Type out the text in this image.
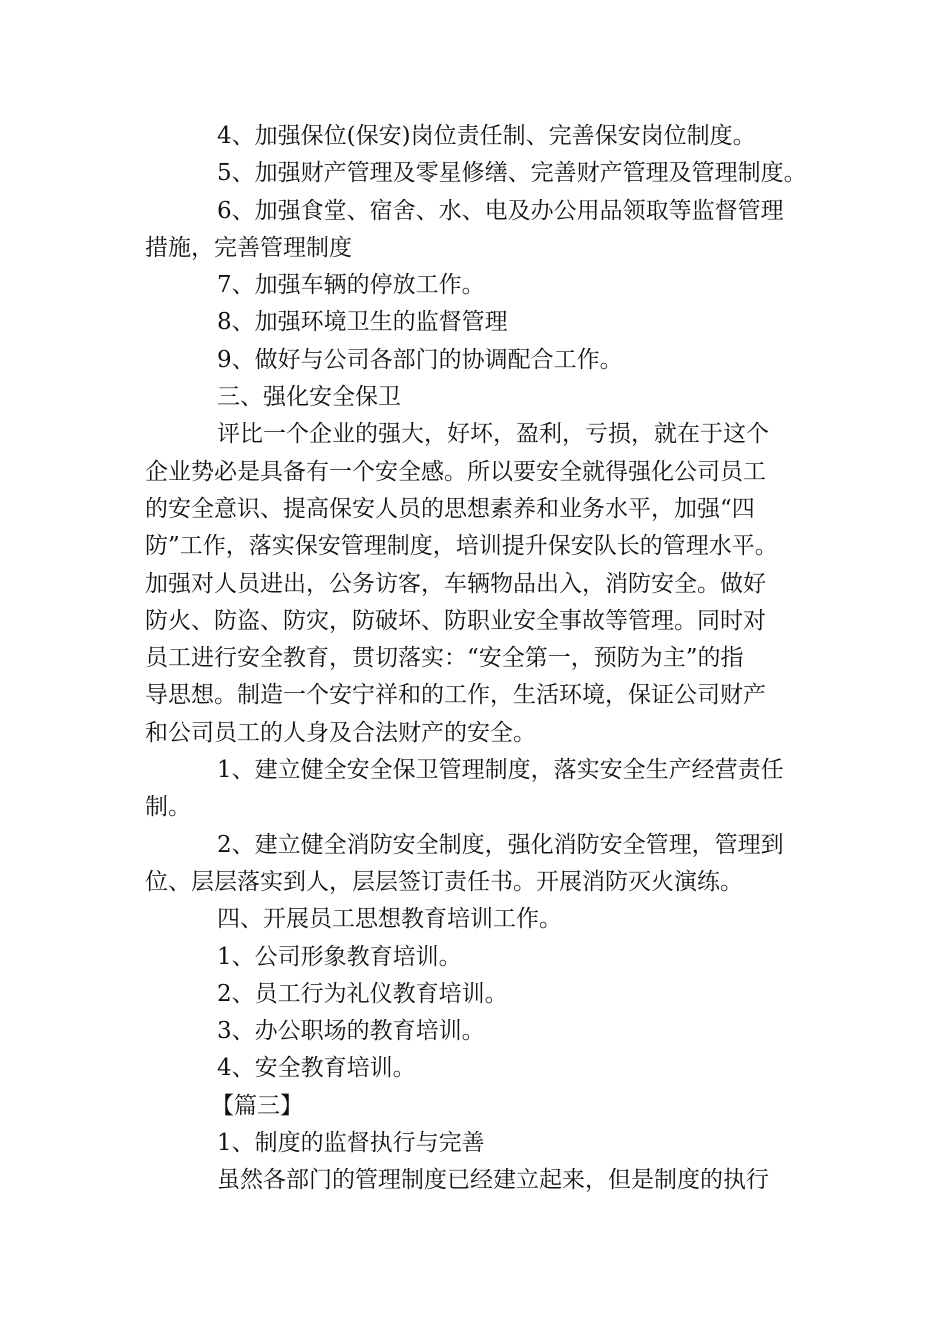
4、加强保位(保安)岗位责任制、完善保安岗位制度。
5、加强财产管理及零星修缮、完善财产管理及管理制度。
6、加强食堂、宿舍、水、电及办公用品领取等监督管理
措施，完善管理制度
7、加强车辆的停放工作。
8、加强环境卫生的监督管理
9、做好与公司各部门的协调配合工作。
三、强化安全保卫
评比一个企业的强大，好坏，盈利，亏损，就在于这个
企业势必是具备有一个安全感。所以要安全就得强化公司员工
的安全意识、提高保安人员的思想素养和业务水平，加强“四
防”工作，落实保安管理制度，培训提升保安队长的管理水平。
加强对人员进出，公务访客，车辆物品出入，消防安全。做好
防火、防盗、防灾，防破坏、防职业安全事故等管理。同时对
员工进行安全教育，贯切落实：“安全第一，预防为主”的指
导思想。制造一个安宁祥和的工作，生活环境，保证公司财产
和公司员工的人身及合法财产的安全。
1、建立健全安全保卫管理制度，落实安全生产经营责任
制。
2、建立健全消防安全制度，强化消防安全管理，管理到
位、层层落实到人，层层签订责任书。开展消防灭火演练。
四、开展员工思想教育培训工作。
1、公司形象教育培训。
2、员工行为礼仪教育培训。
3、办公职场的教育培训。
4、安全教育培训。
【篇三】
1、制度的监督执行与完善
虽然各部门的管理制度已经建立起来，但是制度的执行
